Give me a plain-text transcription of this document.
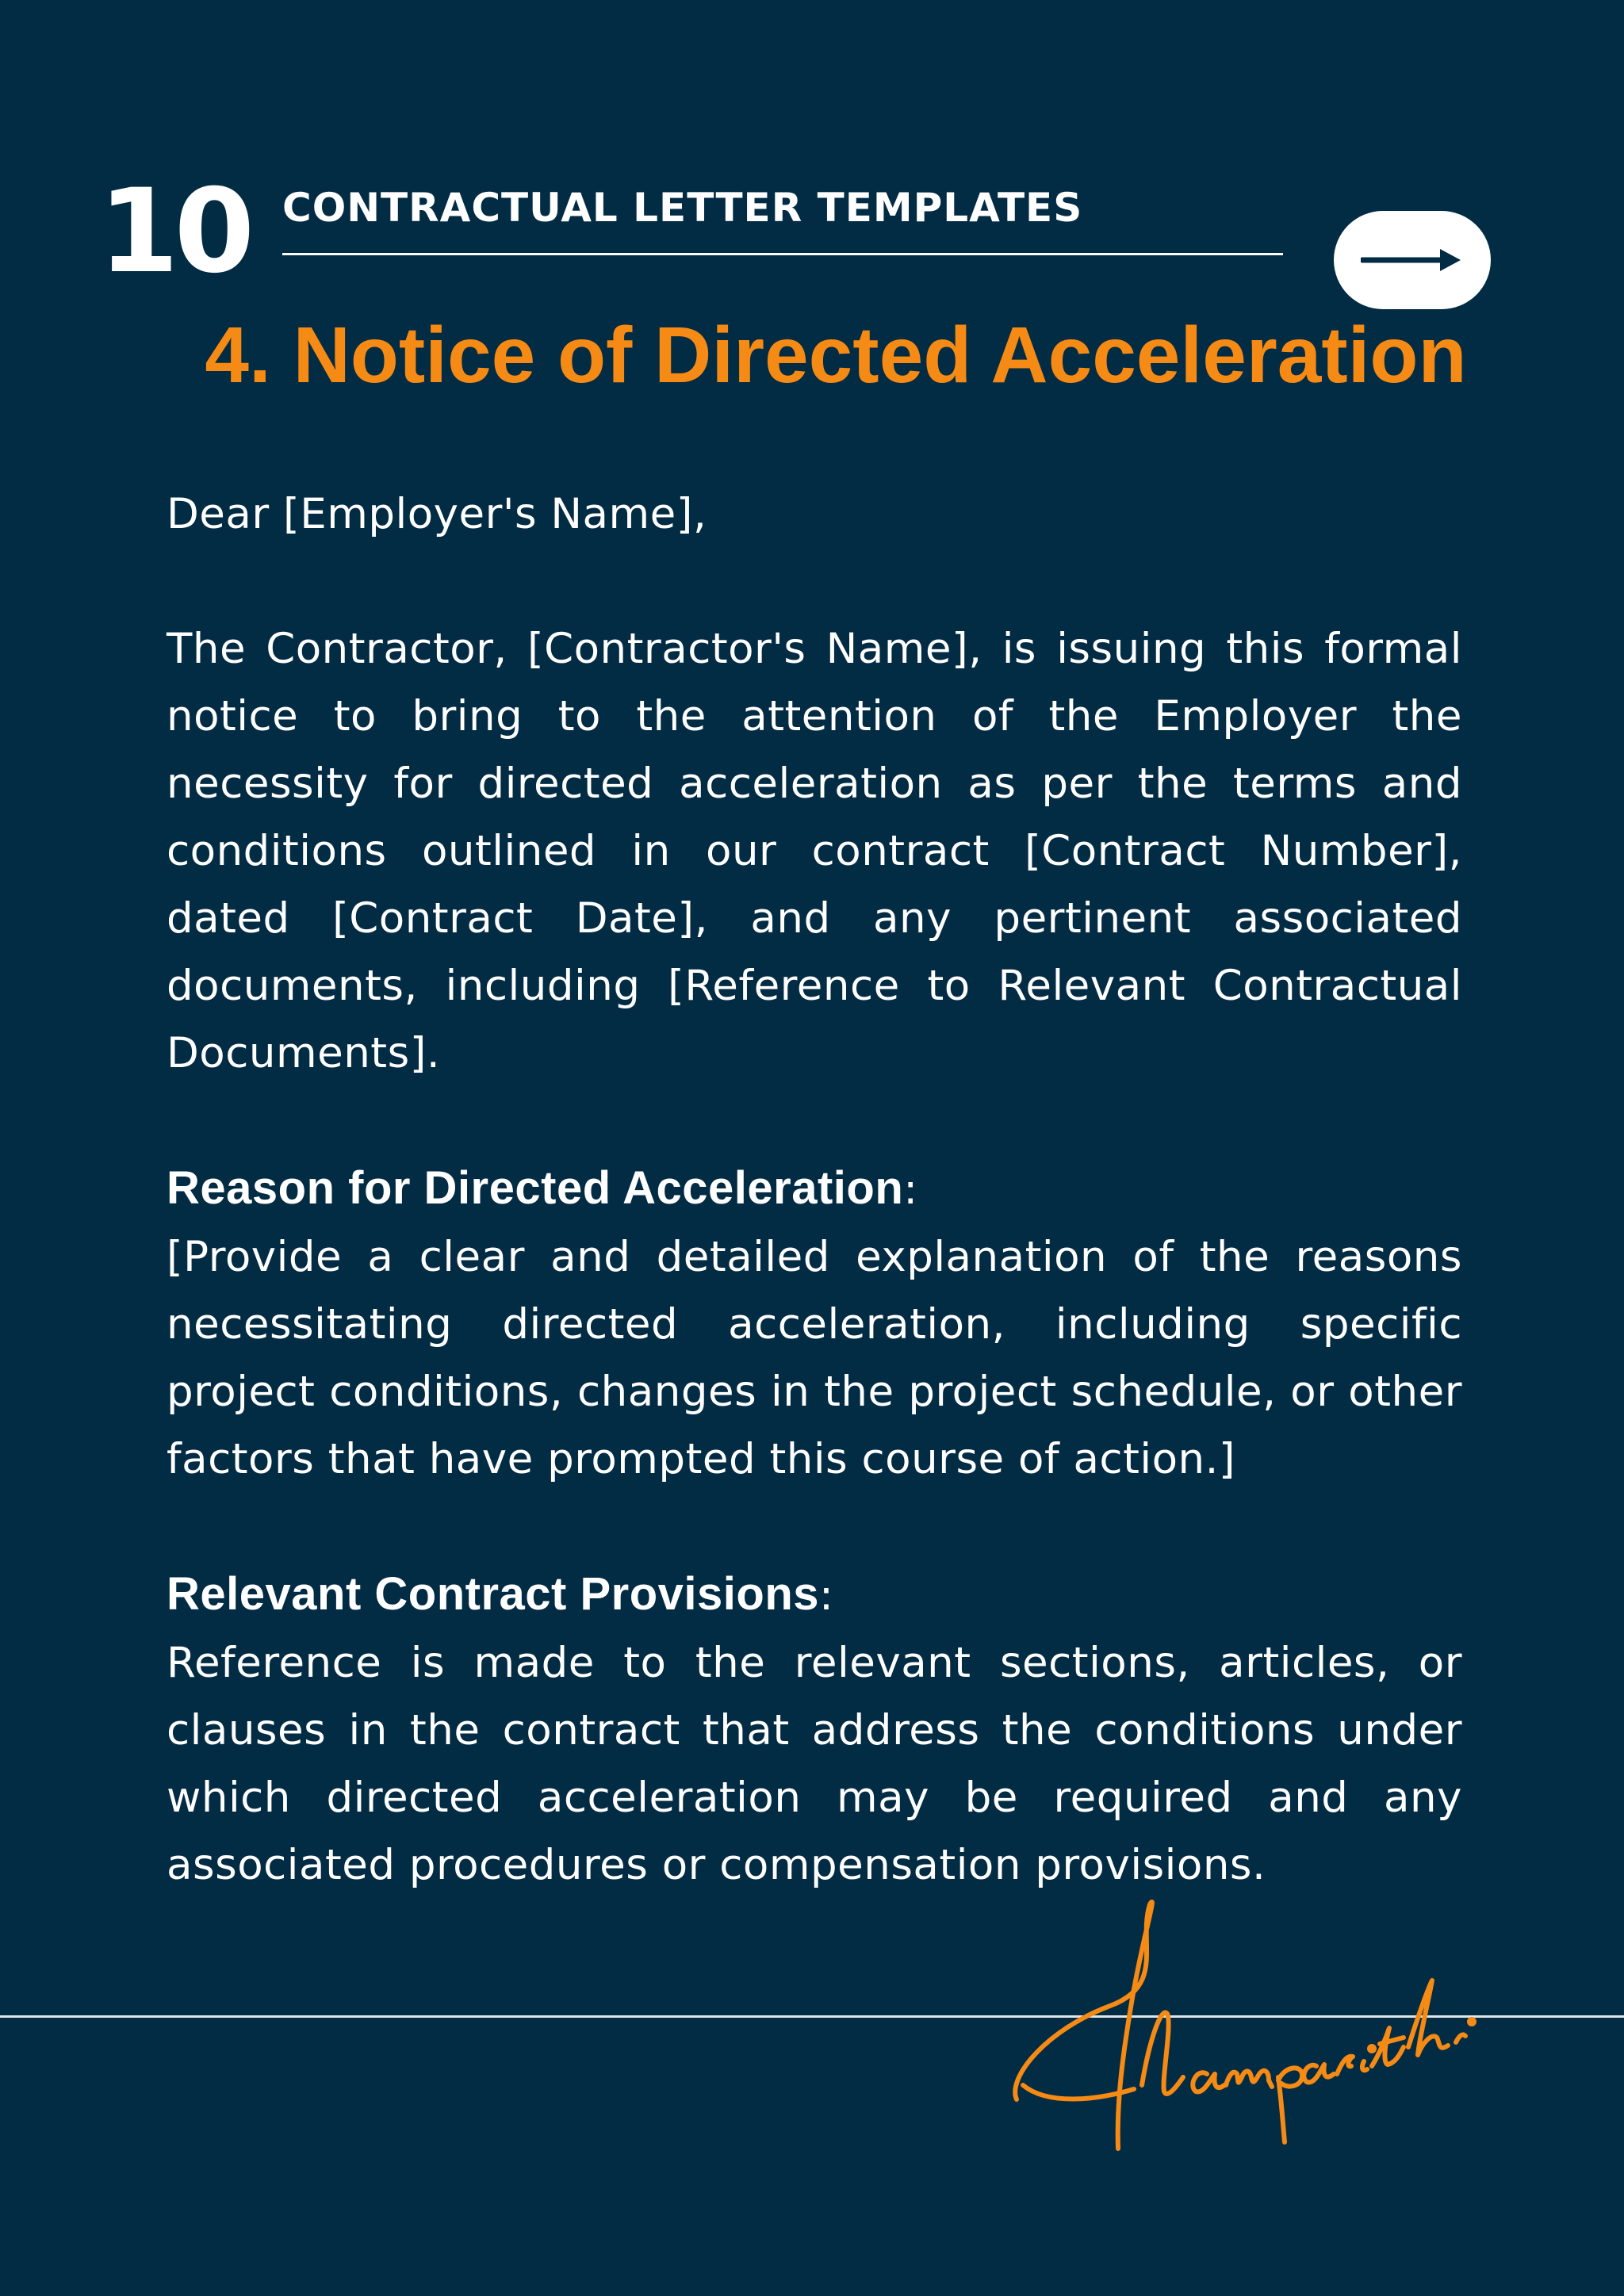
10 CONTRACTUAL LETTER TEMPLATES
4. Notice of Directed Acceleration

Dear [Employer's Name],

The Contractor, [Contractor's Name], is issuing this formal notice to bring to the attention of the Employer the necessity for directed acceleration as per the terms and conditions outlined in our contract [Contract Number], dated [Contract Date], and any pertinent associated documents, including [Reference to Relevant Contractual Documents].

Reason for Directed Acceleration:

[Provide a clear and detailed explanation of the reasons necessitating directed acceleration, including specific project conditions, changes in the project schedule, or other factors that have prompted this course of action.]

Relevant Contract Provisions:

Reference is made to the relevant sections, articles, or clauses in the contract that address the conditions under which directed acceleration may be required and any associated procedures or compensation provisions.
